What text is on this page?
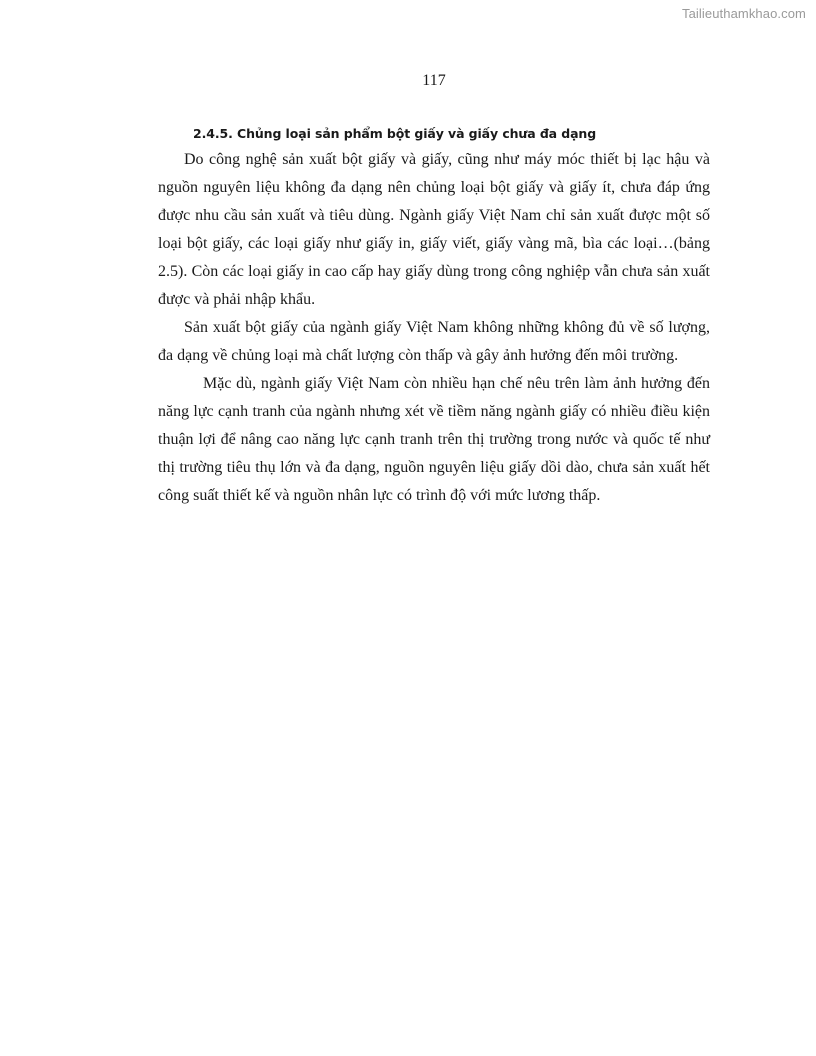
Tailieuthamkhao.com
117
2.4.5. Chủng loại sản phẩm bột giấy và giấy chưa đa dạng

Do công nghệ sản xuất bột giấy và giấy, cũng như máy móc thiết bị lạc hậu và nguồn nguyên liệu không đa dạng nên chủng loại bột giấy và giấy ít, chưa đáp ứng được nhu cầu sản xuất và tiêu dùng. Ngành giấy Việt Nam chỉ sản xuất được một số loại bột giấy, các loại giấy như giấy in, giấy viết, giấy vàng mã, bìa các loại…(bảng 2.5). Còn các loại giấy in cao cấp hay giấy dùng trong công nghiệp vẫn chưa sản xuất được và phải nhập khẩu.

Sản xuất bột giấy của ngành giấy Việt Nam không những không đủ về số lượng, đa dạng về chủng loại mà chất lượng còn thấp và gây ảnh hưởng đến môi trường.

Mặc dù, ngành giấy Việt Nam còn nhiều hạn chế nêu trên làm ảnh hưởng đến năng lực cạnh tranh của ngành nhưng xét về tiềm năng ngành giấy có nhiều điều kiện thuận lợi để nâng cao năng lực cạnh tranh trên thị trường trong nước và quốc tế như thị trường tiêu thụ lớn và đa dạng, nguồn nguyên liệu giấy dồi dào, chưa sản xuất hết công suất thiết kế và nguồn nhân lực có trình độ với mức lương thấp.
